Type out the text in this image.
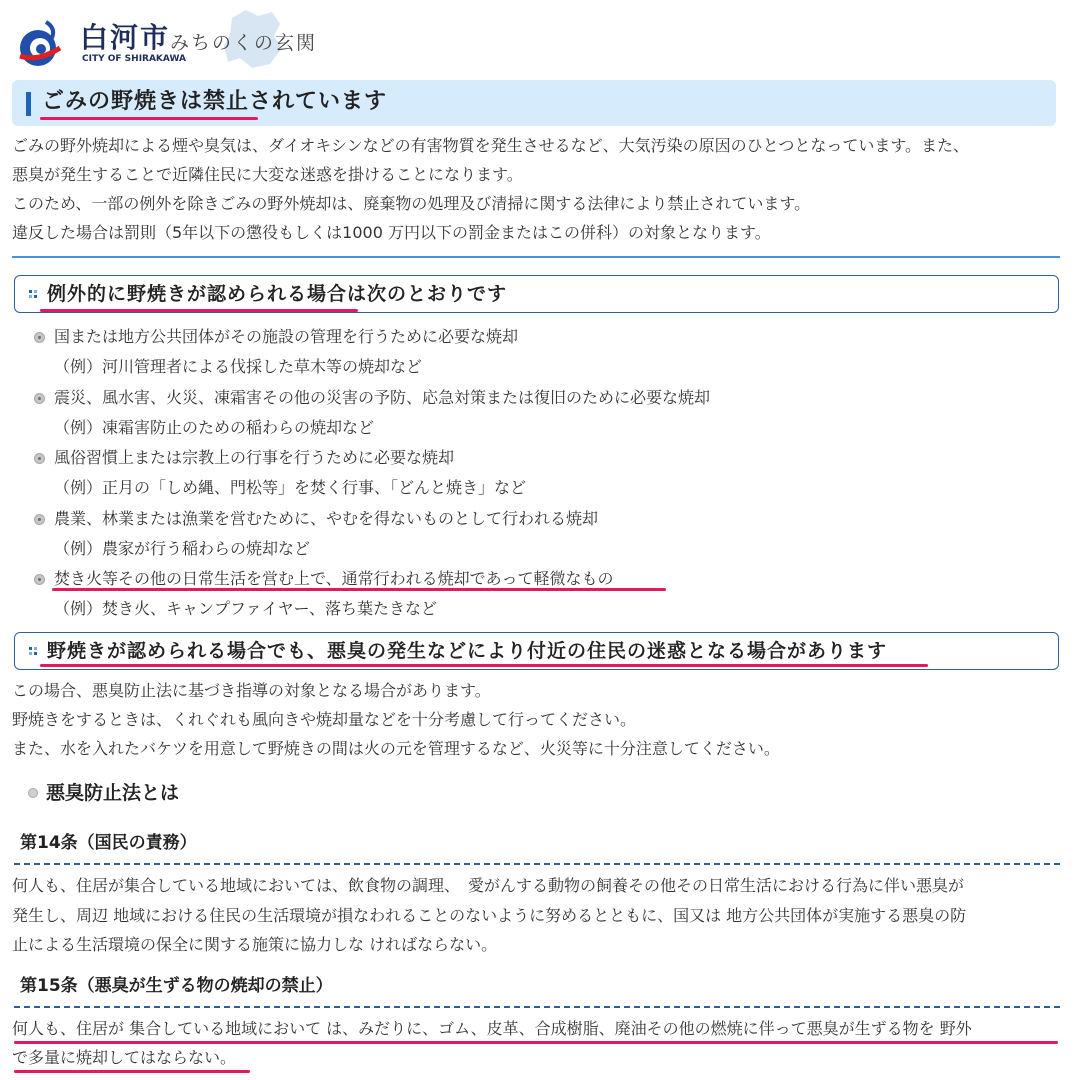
白河市
CITY OF SHIRAKAWA
みちのくの玄関
ごみの野焼きは禁止されています
ごみの野外焼却による煙や臭気は、ダイオキシンなどの有害物質を発生させるなど、大気汚染の原因のひとつとなっています。また、
悪臭が発生することで近隣住民に大変な迷惑を掛けることになります。
このため、一部の例外を除きごみの野外焼却は、廃棄物の処理及び清掃に関する法律により禁止されています。
違反した場合は罰則（5年以下の懲役もしくは1000 万円以下の罰金またはこの併科）の対象となります。
例外的に野焼きが認められる場合は次のとおりです
国または地方公共団体がその施設の管理を行うために必要な焼却
（例）河川管理者による伐採した草木等の焼却など
震災、風水害、火災、凍霜害その他の災害の予防、応急対策または復旧のために必要な焼却
（例）凍霜害防止のための稲わらの焼却など
風俗習慣上または宗教上の行事を行うために必要な焼却
（例）正月の「しめ縄、門松等」を焚く行事、「どんと焼き」など
農業、林業または漁業を営むために、やむを得ないものとして行われる焼却
（例）農家が行う稲わらの焼却など
焚き火等その他の日常生活を営む上で、通常行われる焼却であって軽微なもの
（例）焚き火、キャンプファイヤー、落ち葉たきなど
野焼きが認められる場合でも、悪臭の発生などにより付近の住民の迷惑となる場合があります
この場合、悪臭防止法に基づき指導の対象となる場合があります。
野焼きをするときは、くれぐれも風向きや焼却量などを十分考慮して行ってください。
また、水を入れたバケツを用意して野焼きの間は火の元を管理するなど、火災等に十分注意してください。
悪臭防止法とは
第14条（国民の責務）
何人も、住居が集合している地域においては、飲食物の調理、　愛がんする動物の飼養その他その日常生活における行為に伴い悪臭が
発生し、周辺 地域における住民の生活環境が損なわれることのないように努めるとともに、国又は 地方公共団体が実施する悪臭の防
止による生活環境の保全に関する施策に協力しな ければならない。
第15条（悪臭が生ずる物の焼却の禁止）
何人も、住居が 集合している地域において は、みだりに、ゴム、皮革、合成樹脂、廃油その他の燃焼に伴って悪臭が生ずる物を 野外
で多量に焼却してはならない。
